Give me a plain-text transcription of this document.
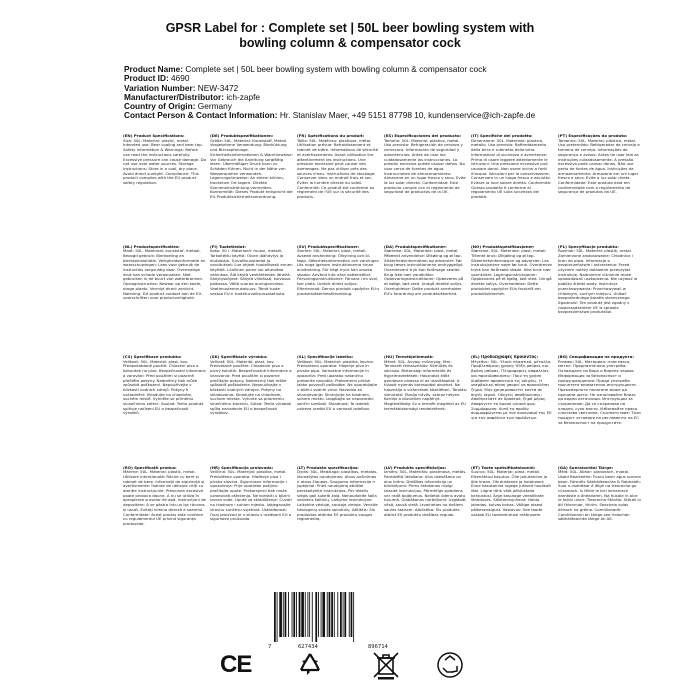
GPSR Label for : Complete set | 50L beer bowling system with
bowling column & compensator cock
Product Name: Complete set | 50L beer bowling system with bowling column & compensator cock
Product ID: 4690
Variation Number: NEW-3472
Manufacturer/Distributor: ich-zapfe
Country of Origin: Germany
Contact Person & Contact Information: Hr. Stanislav Maer, +49 5151 87798 10, kundenservice@ich-zapfe.de
(EN) Product Specifications:
Size: 50L. Material: plastic, metal. Intended use: Beer cooling and beer tap. Safety information & Warnings: Before use read the instructions carefully. Excessive pressure can cause damage. Do not use near water sources. Storage instructions: Store in a cool, dry place. Avoid direct sunlight. Compliance: This product complies with the EU product safety regulation.
(DE) Produktspezifikationen:
Größe: 50L. Material: Kunststoff, Metall. Vorgesehene Verwendung: Bierkühlung und Bierzapfanlage. Sicherheitsinformationen & Warnhinweise: Vor Gebrauch die Anleitung sorgfältig lesen. Übermäßiger Druck kann zu Schäden führen. Nicht in der Nähe von Wasserquellen verwenden. Lagerungshinweise: An einem kühlen, trockenen Ort lagern. Direkte Sonneneinstrahlung vermeiden. Konformität: Dieses Produkt entspricht der EU-Produktsicherheitsverordnung.
(FR) Spécifications du produit:
Taille: 50L. Matériau: plastique, métal. Utilisation prévue: Refroidissement et robinet de bière. Informations de sécurité et avertissements: Avant utilisation lire attentivement les instructions. Une pression excessive peut causer des dommages. Ne pas utiliser près des sources d'eau. Instructions de stockage: Conserver dans un endroit frais et sec. Éviter la lumière directe du soleil. Conformité: Ce produit est conforme au règlement de l'UE sur la sécurité des produits.
(ES) Especificaciones del producto:
Tamaño: 50L. Material: plástico, metal. Uso previsto: Refrigeración de cerveza y cervecera. Información de seguridad y advertencias: Antes de usar lea cuidadosamente las instrucciones. La presión excesiva puede causar daños. No usar cerca de fuentes de agua. Instrucciones de almacenamiento: Almacene en un lugar fresco y seco. Evite la luz solar directa. Conformidad: Este producto cumple con el reglamento de seguridad de productos de la UE.
(IT) Specifiche del prodotto:
Dimensione: 50L. Materiale: plastica, metallo. Uso previsto: Raffreddamento della birra e rubinetto della birra. Informazioni di sicurezza e avvertenze: Prima di usare leggere attentamente le istruzioni. Una pressione eccessiva può causare danni. Non usare vicino a fonti d'acqua. Istruzioni per la conservazione: Conservare in un luogo fresco e asciutto. Evitare la luce solare diretta. Conformità: Questo prodotto è conforme al regolamento UE sulla sicurezza dei prodotti.
(PT) Especificações do produto:
Tamanho: 50L. Material: plástico, metal. Uso pretendido: Refrigerador de cerveja e torneira de cerveja. Informações de segurança e avisos: Antes de usar leia as instruções cuidadosamente. A pressão excessiva pode causar danos. Não use perto de fontes de água. Instruções de armazenamento: Armazene em um lugar fresco e seco. Evite a luz solar direta. Conformidade: Este produto está em conformidade com o regulamento de segurança de produtos da UE.
(NL) Productspecificaties:
Maat: 50L. Materiaal: kunststof, metaal. Beoogd gebruik: Bierkoeling en biertapinstallatie. Veiligheidsinformatie en waarschuwingen: Lees voor gebruik de instructies zorgvuldig door. Overmatige druk kan schade veroorzaken. Niet gebruiken in de buurt van waterbronnen. Opslaginstructies: Bewaar op een koele, droge plaats. Vermijd direct zonlicht. Naleving: Dit product voldoet aan de EU-voorschriften voor productveiligheid.
(FI) Tuotetiedot:
Koko: 50 l. Materiaali: muovi, metalli. Tarkoitettu käyttö: Oluen jäähdytys ja olutjakaja. Turvallisuustiedot ja varoitukset: Lue ohjeet huolellisesti ennen käyttöä. Liiallinen paine voi aiheuttaa vahinkoa. Älä käytä vesilähteiden lähellä. Säilytysohjeet: Säilytä viileässä, kuivassa paikassa. Vältä suoraa auringonvaloa. Vaatimustenmukaisuus: Tämä tuote vastaa EU:n tuoteturvallisuusasetusta.
(SV) Produktspecifikationer:
Storlek: 50L. Material: plast, metall. Avsedd användning: Ölkylning och öl-tapp. Säkerhetsinformation och varningar: Läs noga igenom instruktionerna innan användning. För högt tryck kan orsaka skador. Använd inte nära vattenkällor. Förvaringsinstruktioner: Förvara i en sval, torr plats. Undvik direkt solljus. Efterlevnad: Denna produkt uppfyller EU:s produktsäkerhetsförordning.
(DA) Produktspecifikationer:
Størrelse: 50L. Materiale: plast, metal. Påtænkt anvendelse: Ølkøling og øl tap. Sikkerhedsinformation og advarsler: Før brug læses instruktionerne omhyggeligt. Overdrevent tryk kan forårsage skader. Brug ikke nær vandkilder. Opbevaringsinstruktioner: Opbevares på et køligt, tørt sted. Undgå direkte sollys. Overholdelse: Dette produkt overholder EU's forordning om produktsikkerhed.
(NO) Produktspesifikasjoner:
Størrelse: 50L. Materiale: plast, metall. Tiltenkt bruk: Ølkjøling og øl tap. Sikkerhetsinformasjon og advarsler: Les instruksjonene nøye før bruk. Overdreven trykk kan forårsake skade. Ikke bruk nær vannkilder. Lagringsinstruksjoner: Oppbevares på et kjølig, tørt sted. Unngå direkte sollys. Overholdelse: Dette produktet oppfyller EUs forskrift om produktsikkerhet.
(PL) Specyfikacje produktu:
Rozmiar: 50L. Materiał: plastik, metal. Zamierzone zastosowanie: Chłodnica i kran do piwa. Informacje o bezpieczeństwie i ostrzeżenia: Przed użyciem należy dokładnie przeczytać instrukcję. Nadmierne ciśnienie może spowodować uszkodzenia. Nie używać w pobliżu źródeł wody. Instrukcje przechowywania: Przechowywać w chłodnym, suchym miejscu. Unikać bezpośredniego światła słonecznego. Zgodność: Ten produkt jest zgodny z rozporządzeniem UE w sprawie bezpieczeństwa produktów.
(CS) Specifikace produktu:
Velikost: 50L. Materiál: plast, kov. Předpokládané použití: Chlazení piva a kohoutek na pivo. Bezpečnostní informace a varování: Před použitím si pozorně přečtěte pokyny. Nadměrný tlak může způsobit poškození. Nepoužívejte v blízkosti vodních zdrojů. Pokyny k uskladnění: Skladujte na chladném, suchém místě. Vyhněte se přímému slunečnímu záření. Soulad: Tento produkt splňuje nařízení EU o bezpečnosti výrobků.
(SK) Špecifikácie výrobku:
Veľkosť: 50L. Materiál: plast, kov. Predvídané použitie: Chladenie piva a pivný kohútik. Bezpečnostné informácie a varovania: Pred použitím si pozorne prečítajte pokyny. Nadmerný tlak môže spôsobiť poškodenie. Nepoužívajte v blízkosti vodných zdrojov. Pokyny na skladovanie: Skladujte na chladnom, suchom mieste. Vyhnite sa priamemu slnečnému žiareniu. Súlad: Tento výrobok spĺňa nariadenie EÚ o bezpečnosti výrobkov.
(SL) Specifikacije izdelka:
Velikost: 50L. Material: plastika, kovina. Predvidena uporaba: Hlajenje piva in pivska pipa. Varnostne informacije in opozorila: Pred uporabo natančno preberite navodila. Prekomerni pritisk lahko povzroči poškodbe. Ne uporabljajte v bližini vodnih virov. Navodila za shranjevanje: Shranjujte na hladnem, suhem mestu. Izogibajte se neposredni sončni svetlobi. Skladnost: Ta izdelek ustreza uredbi EU o varnosti izdelkov.
(HU) Termékjellemzők:
Méret: 50L. Anyag: műanyag, fém. Tervezett felhasználás: Sörhűtés és sörcsap. Biztonsági információk és figyelmeztetések: Használat előtt gondosan olvassa el az utasításokat. A túlzott nyomás károsodást okozhat. Ne használja a vízforrások közelében. Tárolási útmutató: Tárolja hűvös, száraz helyen. Kerülje a közvetlen napfényt. Megfelelőség: Ez a termék megfelel az EU termékbiztonsági rendeletének.
(EL) Προδιαγραφές προϊόντος:
Μέγεθος: 50L. Υλικό: πλαστικό, μέταλλο. Προβλεπόμενη χρήση: Ψύξη μπύρας και βρύση μπύρας. Πληροφορίες ασφαλείας και προειδοποιήσεις: Πριν τη χρήση διαβάστε προσεκτικά τις οδηγίες. Η υπερβολική πίεση μπορεί να προκαλέσει ζημιά. Μην χρησιμοποιείτε κοντά σε πηγές νερού. Οδηγίες αποθήκευσης: Αποθηκεύστε σε δροσερό, ξηρό μέρος. Αποφύγετε το άμεσο ηλιακό φως. Συμμόρφωση: Αυτό το προϊόν συμμορφώνεται με τον κανονισμό της ΕΕ για την ασφάλεια των προϊόντων.
(BG) Спецификации на продукта:
Размер: 50L. Материал: пластмаса, метал. Предназначена употреба: Охлаждане на бира и бирена чешма. Информация за безопасност и предупреждения: Преди употреба прочетете внимателно инструкциите. Прекомерното налягане може да причини щети. Не използвайте близо до водни източници. Инструкции за съхранение: Да се съхранява на хладно, сухо място. Избягвайте пряка слънчева светлина. Съответствие: Този продукт отговаря на регламента на ЕС за безопасност на продуктите.
(RO) Specificații produs:
Mărime: 50L. Material: plastic, metal. Utilizare intenționată: Răcire cu bere și robinet de bere. Informații de siguranță și avertismente: Înainte de utilizare citiți cu atenție instrucțiunile. Presiunea excesivă poate provoca daune. A nu se utiliza în apropierea surselor de apă. Instrucțiuni de depozitare: A se păstra într-un loc răcoros și uscat. Evitați lumina directă a soarelui. Conformitate: Acest produs este conform cu regulamentul UE privind siguranța produselor.
(HR) Specifikacija proizvoda:
Veličina: 50L. Materijal: plastika, metal. Predviđena uporaba: Hlađenje piva i pivska slavina. Sigurnosne informacije i upozorenja: Prije upotrebe pažljivo pročitajte upute. Prekomjerni tlak može uzrokovati oštećenja. Ne koristiti u blizini izvora vode. Upute za skladištenje: Čuvati na hladnom i suhom mjestu. Izbjegavajte izravnu sunčevu svjetlost. Usklađenost: Ovaj proizvod je u skladu s uredbom EU o sigurnosti proizvoda.
(LT) Produkto specifikacijos:
Dydis: 50L. Medžiaga: plastikas, metalas. Numatytas naudojimas: Alaus aušinimas ir alaus čiaupas. Saugumo informacija ir įspėjimai: Prieš naudojimą atidžiai perskaitykite instrukcijas. Per didelis slėgis gali sukelti žalą. Nenaudokite šalia vandens šaltinių. Laikymo instrukcijos: Laikykite vėsioje, sausoje vietoje. Venkite tiesioginių saulės spindulių. Atitiktis: Šis produktas atitinka ES produktų saugos reglamentą.
(LV) Produkta specifikācijas:
Izmērs: 50L. Materiāls: plastmasa, metāls. Paredzētā lietošana: Alus dzesēšana un alus krāns. Drošības informācija un brīdinājumi: Pirms lietošanas rūpīgi izlasiet instrukcijas. Pārmērīgs spiediens var radīt bojājumus. Nelietot ūdens avotu tuvumā. Glabāšanas norādījumi: Uzglabāt vēsā, sausā vietā. Izvairieties no tiešiem saules stariem. Atbilstība: Šis produkts atbilst ES produktu drošības regulai.
(ET) Toote spetsifikatsioonid:
Suurus: 50L. Materjal: plast, metall. Ettenähtud kasutus: Õlle jahutamine ja õlle kraan. Ohutusteave ja hoiatused: Enne kasutamist lugege juhised hoolikalt läbi. Liigne rõhk võib põhjustada kahjustusi. Ärge kasutage veeallikate läheduses. Säilitamisjuhend: Hoida jahedas, kuivas kohas. Vältige otsest päikesevalgust. Vastavus: See toode vastab ELi tooteohutuse määrusele.
(GA) Sonraíochtaí Táirge:
Méid: 50L. Ábhar: plaisteach, miotal. Úsáid Beartaithe: Fuarú beoir agus sconna beoir. Faisnéis Sábháilteachta & Rabhaidh: Sula n-úsáidtear é léigh na treoracha go cúramach. Is féidir le brú iomarcach damáiste a dhéanamh. Ná húsáid in aice le foinsí uisce. Treoracha Stórála: Stóráil in áit fhionnuar, thirim. Seachain solas díreach na gréine. Comhlíonadh: Comhlíonann an táirge seo rialachán sábháilteachta táirge an AE.
7	627434	896714
CE
